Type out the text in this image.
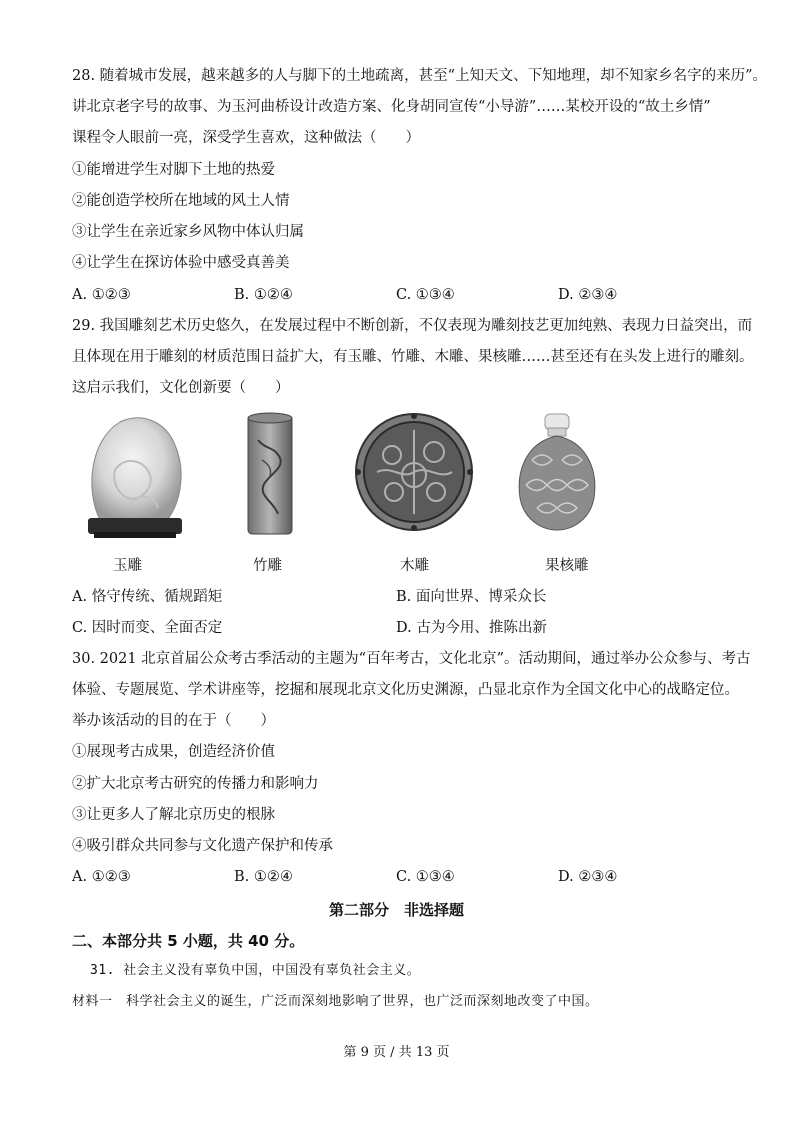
28. 随着城市发展，越来越多的人与脚下的土地疏离，甚至“上知天文、下知地理，却不知家乡名字的来历”。
讲北京老字号的故事、为玉河曲桥设计改造方案、化身胡同宣传“小导游”……某校开设的“故土乡情”
课程令人眼前一亮，深受学生喜欢，这种做法（　　）
①能增进学生对脚下土地的热爱
②能创造学校所在地域的风土人情
③让学生在亲近家乡风物中体认归属
④让学生在探访体验中感受真善美
A. ①②③	B. ①②④	C. ①③④	D. ②③④
29. 我国雕刻艺术历史悠久，在发展过程中不断创新，不仅表现为雕刻技艺更加纯熟、表现力日益突出，而
且体现在用于雕刻的材质范围日益扩大，有玉雕、竹雕、木雕、果核雕……甚至还有在头发上进行的雕刻。
这启示我们，文化创新要（　　）
玉雕	竹雕	木雕	果核雕
A. 恪守传统、循规蹈矩	B. 面向世界、博采众长
C. 因时而变、全面否定	D. 古为今用、推陈出新
30. 2021 北京首届公众考古季活动的主题为“百年考古，文化北京”。活动期间，通过举办公众参与、考古
体验、专题展览、学术讲座等，挖掘和展现北京文化历史渊源，凸显北京作为全国文化中心的战略定位。
举办该活动的目的在于（　　）
①展现考古成果，创造经济价值
②扩大北京考古研究的传播力和影响力
③让更多人了解北京历史的根脉
④吸引群众共同参与文化遗产保护和传承
A. ①②③	B. ①②④	C. ①③④	D. ②③④
第二部分　非选择题
二、本部分共 5 小题，共 40 分。
31. 社会主义没有辜负中国，中国没有辜负社会主义。
材料一　科学社会主义的诞生，广泛而深刻地影响了世界，也广泛而深刻地改变了中国。
第 9 页 / 共 13 页
